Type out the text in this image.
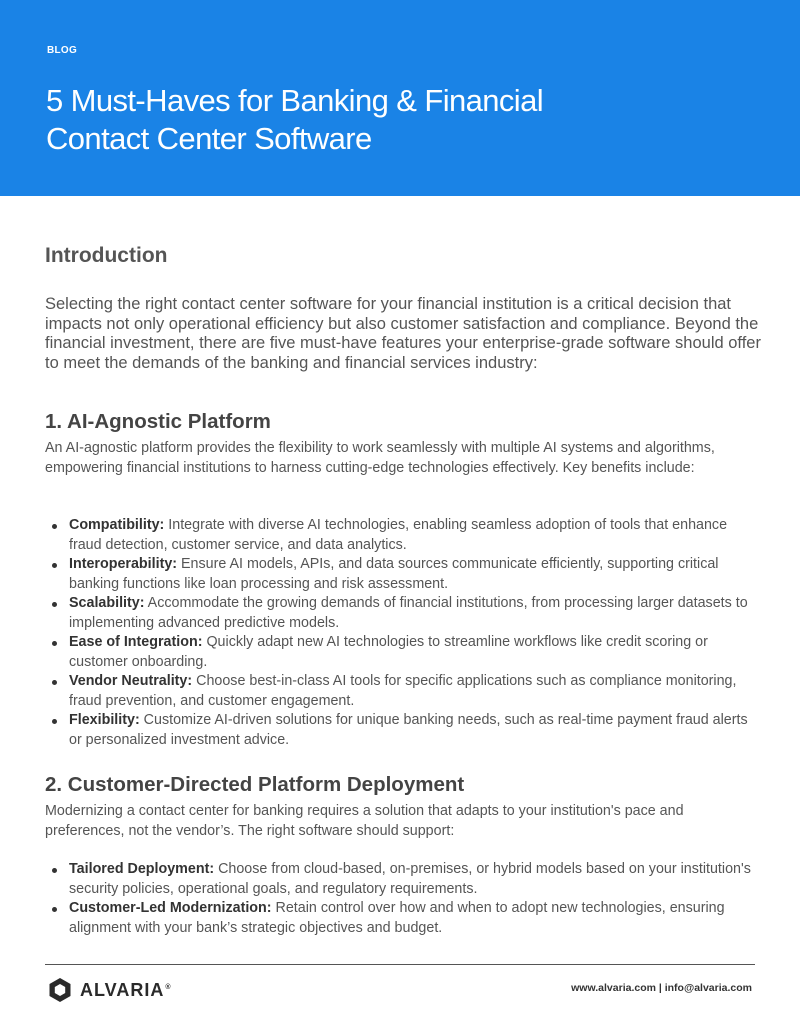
BLOG
5 Must-Haves for Banking & Financial
Contact Center Software
Introduction

Selecting the right contact center software for your financial institution is a critical decision that impacts not only operational efficiency but also customer satisfaction and compliance. Beyond the financial investment, there are five must-have features your enterprise-grade software should offer to meet the demands of the banking and financial services industry:

1. AI-Agnostic Platform

An AI-agnostic platform provides the flexibility to work seamlessly with multiple AI systems and algorithms, empowering financial institutions to harness cutting-edge technologies effectively. Key benefits include:

Compatibility: Integrate with diverse AI technologies, enabling seamless adoption of tools that enhance fraud detection, customer service, and data analytics.
Interoperability: Ensure AI models, APIs, and data sources communicate efficiently, supporting critical banking functions like loan processing and risk assessment.
Scalability: Accommodate the growing demands of financial institutions, from processing larger datasets to implementing advanced predictive models.
Ease of Integration: Quickly adapt new AI technologies to streamline workflows like credit scoring or customer onboarding.
Vendor Neutrality: Choose best-in-class AI tools for specific applications such as compliance monitoring, fraud prevention, and customer engagement.
Flexibility: Customize AI-driven solutions for unique banking needs, such as real-time payment fraud alerts or personalized investment advice.
2. Customer-Directed Platform Deployment

Modernizing a contact center for banking requires a solution that adapts to your institution's pace and preferences, not the vendor’s. The right software should support:

Tailored Deployment: Choose from cloud-based, on-premises, or hybrid models based on your institution's security policies, operational goals, and regulatory requirements.
Customer-Led Modernization: Retain control over how and when to adopt new technologies, ensuring alignment with your bank’s strategic objectives and budget.
ALVARIA®	www.alvaria.com | info@alvaria.com
